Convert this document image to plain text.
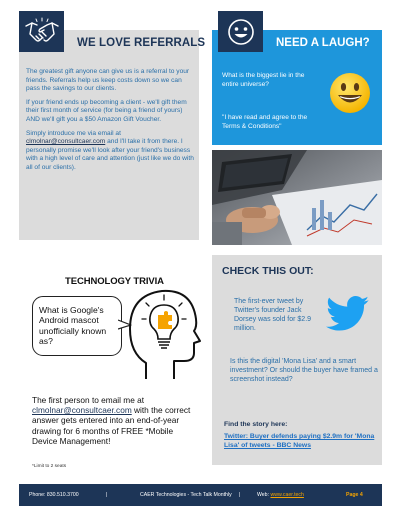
WE LOVE REFERRALS

The greatest gift anyone can give us is a referral to your friends. Referrals help us keep costs down so we can pass the savings to our clients.

If your friend ends up becoming a client - we'll gift them their first month of service (for being a friend of yours) AND we'll gift you a $50 Amazon Gift Voucher.

Simply introduce me via email at clmolnar@consultcaer.com and I'll take it from there. I personally promise we'll look after your friend's business with a high level of care and attention (just like we do with all of our clients).

NEED A LAUGH?
What is the biggest lie in the entire universe?
"I have read and agree to the Terms & Conditions"
TECHNOLOGY TRIVIA
What is Google's Android mascot unofficially known as?
The first person to email me at clmolnar@consultcaer.com with the correct answer gets entered into an end-of-year drawing for 6 months of FREE *Mobile Device Management!
*Limit to 2 seats
CHECK THIS OUT:
The first-ever tweet by Twitter's founder Jack Dorsey was sold for $2.9 million.
Is this the digital 'Mona Lisa' and a smart investment? Or should the buyer have framed a screenshot instead?
Find the story here:
Twitter: Buyer defends paying $2.9m for 'Mona Lisa' of tweets - BBC News
Phone: 830.510.3700	|	CAER Technologies - Tech Talk Monthly |	Web: www.caer.tech	Page 4
